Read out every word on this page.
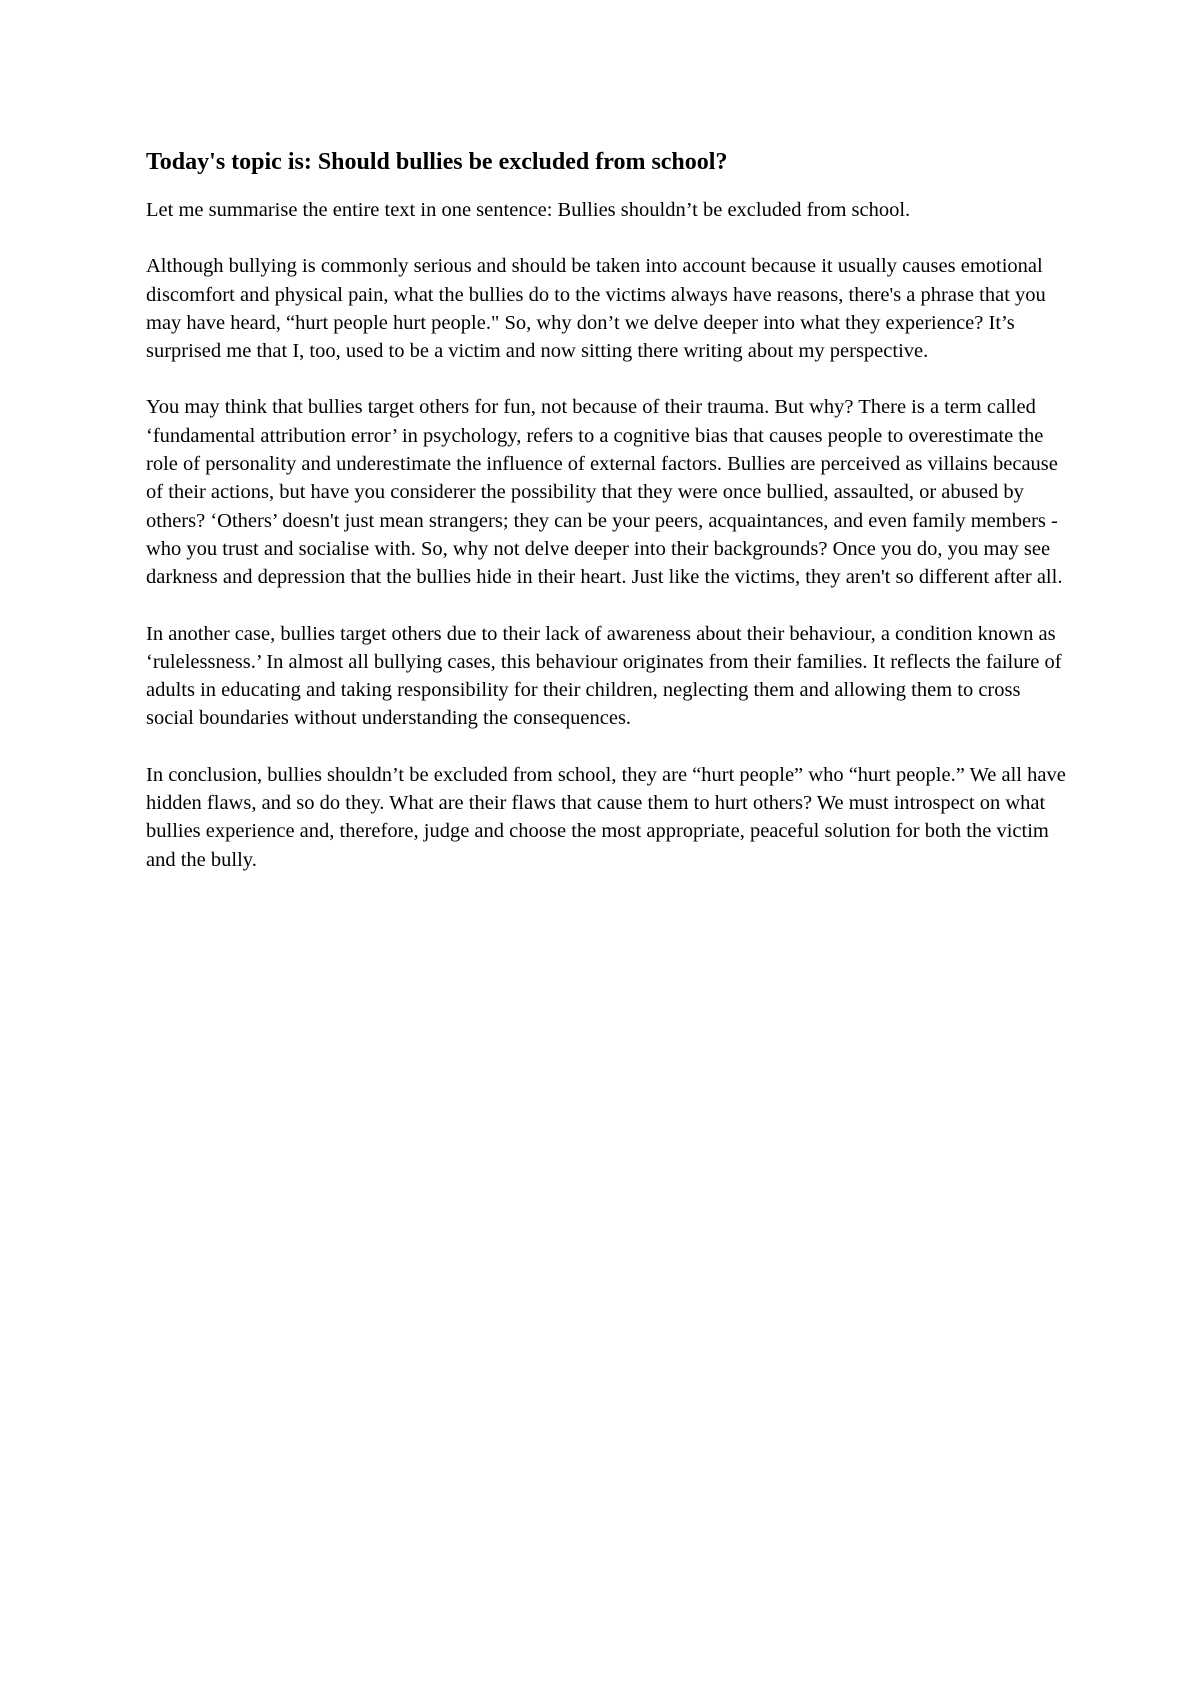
Today's topic is: Should bullies be excluded from school?

Let me summarise the entire text in one sentence: Bullies shouldn’t be excluded from school.

Although bullying is commonly serious and should be taken into account because it usually causes emotional discomfort and physical pain, what the bullies do to the victims always have reasons, there's a phrase that you may have heard, “hurt people hurt people." So, why don’t we delve deeper into what they experience? It’s surprised me that I, too, used to be a victim and now sitting there writing about my perspective.

You may think that bullies target others for fun, not because of their trauma. But why? There is a term called ‘fundamental attribution error’ in psychology, refers to a cognitive bias that causes people to overestimate the role of personality and underestimate the influence of external factors. Bullies are perceived as villains because of their actions, but have you considerer the possibility that they were once bullied, assaulted, or abused by others? ‘Others’ doesn't just mean strangers; they can be your peers, acquaintances, and even family members - who you trust and socialise with. So, why not delve deeper into their backgrounds? Once you do, you may see darkness and depression that the bullies hide in their heart. Just like the victims, they aren't so different after all.

In another case, bullies target others due to their lack of awareness about their behaviour, a condition known as ‘rulelessness.’ In almost all bullying cases, this behaviour originates from their families. It reflects the failure of adults in educating and taking responsibility for their children, neglecting them and allowing them to cross social boundaries without understanding the consequences.

In conclusion, bullies shouldn’t be excluded from school, they are “hurt people” who “hurt people.” We all have hidden flaws, and so do they. What are their flaws that cause them to hurt others? We must introspect on what bullies experience and, therefore, judge and choose the most appropriate, peaceful solution for both the victim and the bully.
